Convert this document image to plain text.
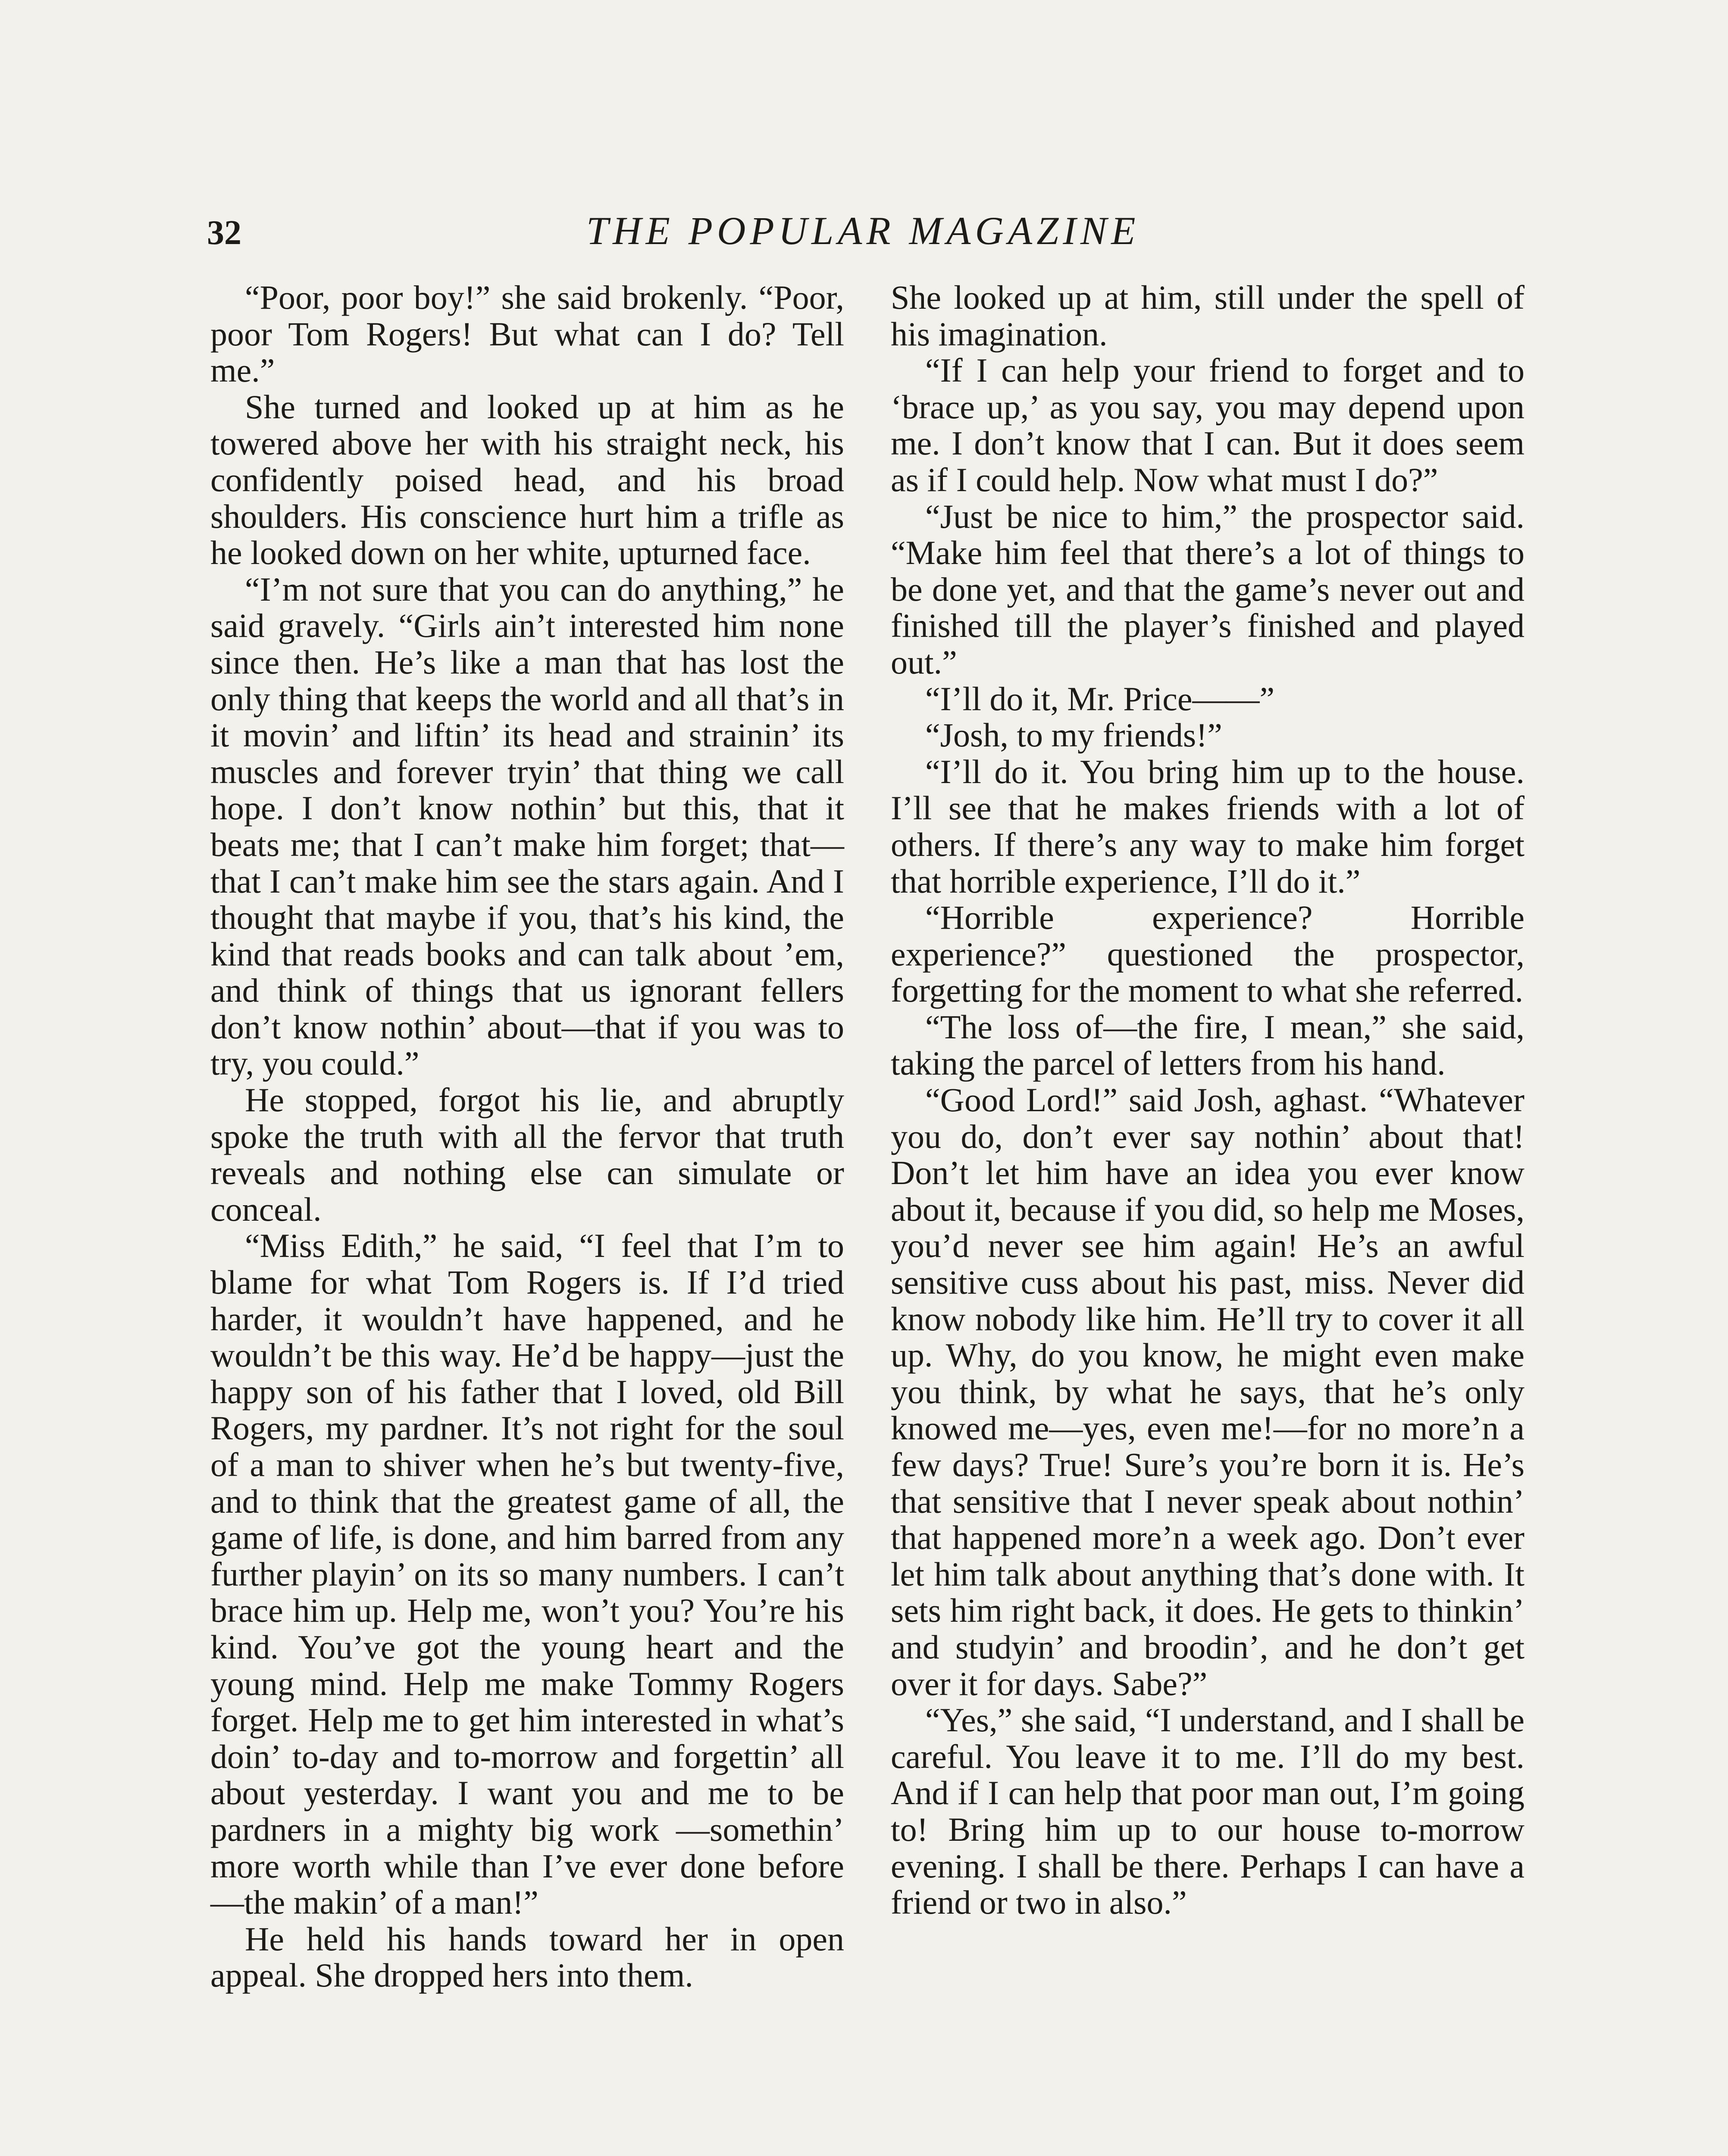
32	THE POPULAR MAGAZINE

“Poor, poor boy!” she said brokenly. “Poor, poor Tom Rogers! But what can I do? Tell me.”

She turned and looked up at him as he towered above her with his straight neck, his confidently poised head, and his broad shoulders. His conscience hurt him a trifle as he looked down on her white, upturned face.

“I’m not sure that you can do anything,” he said gravely. “Girls ain’t interested him none since then. He’s like a man that has lost the only thing that keeps the world and all that’s in it movin’ and liftin’ its head and strainin’ its muscles and forever tryin’ that thing we call hope. I don’t know nothin’ but this, that it beats me; that I can’t make him forget; that—that I can’t make him see the stars again. And I thought that maybe if you, that’s his kind, the kind that reads books and can talk about ’em, and think of things that us ignorant fellers don’t know nothin’ about—that if you was to try, you could.”

He stopped, forgot his lie, and abruptly spoke the truth with all the fervor that truth reveals and nothing else can simulate or conceal.

“Miss Edith,” he said, “I feel that I’m to blame for what Tom Rogers is. If I’d tried harder, it wouldn’t have happened, and he wouldn’t be this way. He’d be happy—just the happy son of his father that I loved, old Bill Rogers, my pardner. It’s not right for the soul of a man to shiver when he’s but twenty-five, and to think that the greatest game of all, the game of life, is done, and him barred from any further playin’ on its so many numbers. I can’t brace him up. Help me, won’t you? You’re his kind. You’ve got the young heart and the young mind. Help me make Tommy Rogers forget. Help me to get him interested in what’s doin’ to-day and to-morrow and forgettin’ all about yesterday. I want you and me to be pardners in a mighty big work —somethin’ more worth while than I’ve ever done before—the makin’ of a man!”

He held his hands toward her in open appeal. She dropped hers into them.

She looked up at him, still under the spell of his imagination.

“If I can help your friend to forget and to ‘brace up,’ as you say, you may depend upon me. I don’t know that I can. But it does seem as if I could help. Now what must I do?”

“Just be nice to him,” the prospector said. “Make him feel that there’s a lot of things to be done yet, and that the game’s never out and finished till the player’s finished and played out.”

“I’ll do it, Mr. Price——”

“Josh, to my friends!”

“I’ll do it. You bring him up to the house. I’ll see that he makes friends with a lot of others. If there’s any way to make him forget that horrible experience, I’ll do it.”

“Horrible experience? Horrible experience?” questioned the prospector, forgetting for the moment to what she referred.

“The loss of—the fire, I mean,” she said, taking the parcel of letters from his hand.

“Good Lord!” said Josh, aghast. “Whatever you do, don’t ever say nothin’ about that! Don’t let him have an idea you ever know about it, because if you did, so help me Moses, you’d never see him again! He’s an awful sensitive cuss about his past, miss. Never did know nobody like him. He’ll try to cover it all up. Why, do you know, he might even make you think, by what he says, that he’s only knowed me—yes, even me!—for no more’n a few days? True! Sure’s you’re born it is. He’s that sensitive that I never speak about nothin’ that happened more’n a week ago. Don’t ever let him talk about anything that’s done with. It sets him right back, it does. He gets to thinkin’ and studyin’ and broodin’, and he don’t get over it for days. Sabe?”

“Yes,” she said, “I understand, and I shall be careful. You leave it to me. I’ll do my best. And if I can help that poor man out, I’m going to! Bring him up to our house to-morrow evening. I shall be there. Perhaps I can have a friend or two in also.”
